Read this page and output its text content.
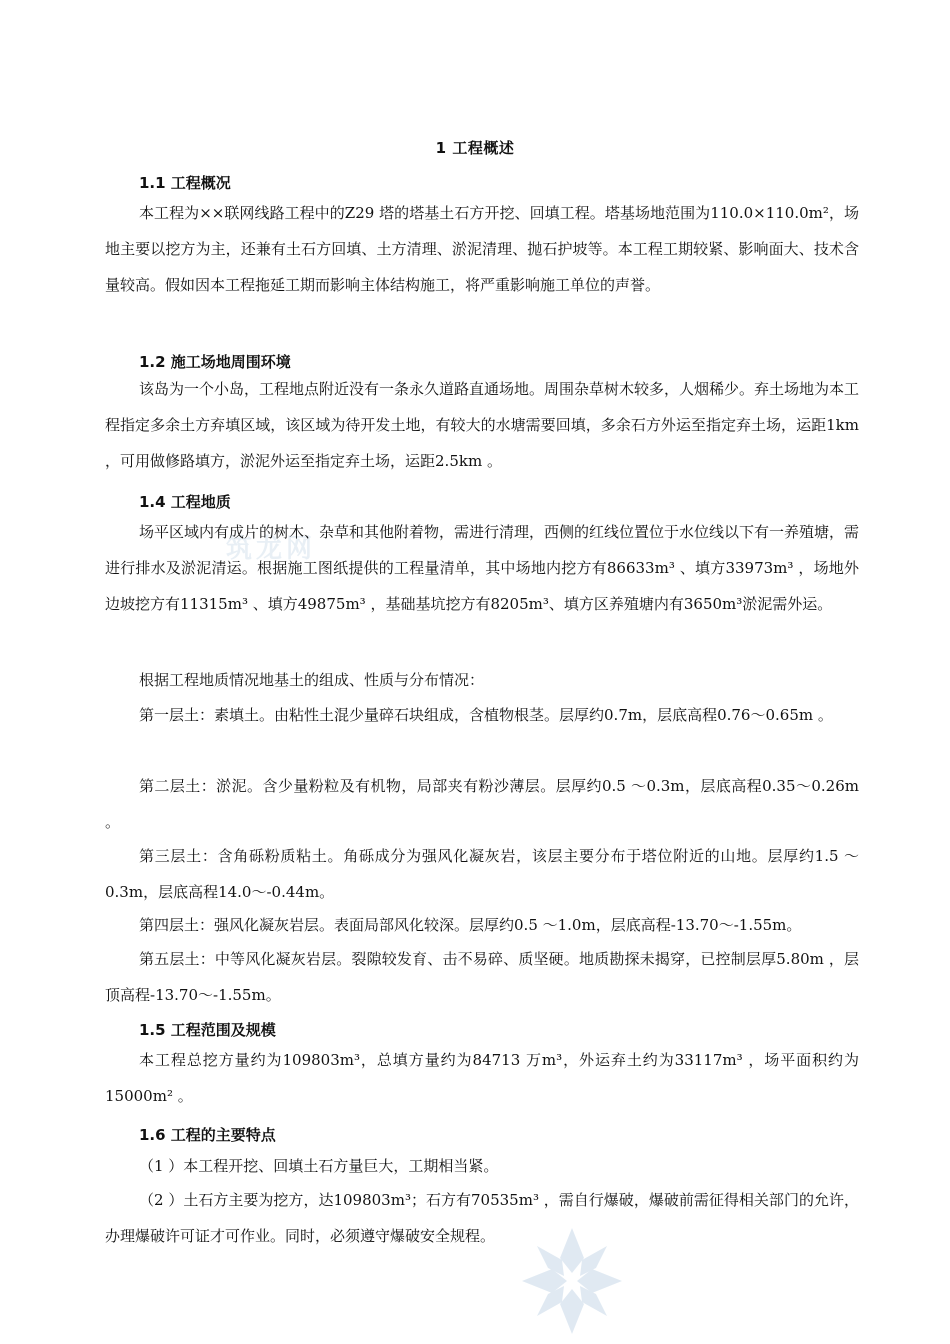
筑龙网
1 工程概述
1.1 工程概况

本工程为××联网线路工程中的Z29 塔的塔基土石方开挖、回填工程。塔基场地范围为110.0×110.0m²，场地主要以挖方为主，还兼有土石方回填、土方清理、淤泥清理、抛石护坡等。本工程工期较紧、影响面大、技术含量较高。假如因本工程拖延工期而影响主体结构施工，将严重影响施工单位的声誉。

1.2 施工场地周围环境

该岛为一个小岛，工程地点附近没有一条永久道路直通场地。周围杂草树木较多，人烟稀少。弃土场地为本工程指定多余土方弃填区域，该区域为待开发土地，有较大的水塘需要回填，多余石方外运至指定弃土场，运距1km ，可用做修路填方，淤泥外运至指定弃土场，运距2.5km 。

1.4 工程地质

场平区域内有成片的树木、杂草和其他附着物，需进行清理，西侧的红线位置位于水位线以下有一养殖塘，需进行排水及淤泥清运。根据施工图纸提供的工程量清单，其中场地内挖方有86633m³ 、填方33973m³ ，场地外边坡挖方有11315m³ 、填方49875m³ ，基础基坑挖方有8205m³、填方区养殖塘内有3650m³淤泥需外运。

根据工程地质情况地基土的组成、性质与分布情况：

第一层土：素填土。由粘性土混少量碎石块组成，含植物根茎。层厚约0.7m，层底高程0.76～0.65m 。

第二层土：淤泥。含少量粉粒及有机物，局部夹有粉沙薄层。层厚约0.5 ～0.3m，层底高程0.35～0.26m 。

第三层土：含角砾粉质粘土。角砾成分为强风化凝灰岩，该层主要分布于塔位附近的山地。层厚约1.5 ～0.3m，层底高程14.0～-0.44m。

第四层土：强风化凝灰岩层。表面局部风化较深。层厚约0.5 ～1.0m，层底高程-13.70～-1.55m。

第五层土：中等风化凝灰岩层。裂隙较发育、击不易碎、质坚硬。地质勘探未揭穿，已控制层厚5.80m ，层顶高程-13.70～-1.55m。

1.5 工程范围及规模

本工程总挖方量约为109803m³，总填方量约为84713 万m³，外运弃土约为33117m³ ，场平面积约为15000m² 。

1.6 工程的主要特点

（1 ）本工程开挖、回填土石方量巨大，工期相当紧。

（2 ）土石方主要为挖方，达109803m³；石方有70535m³ ，需自行爆破，爆破前需征得相关部门的允许，办理爆破许可证才可作业。同时，必须遵守爆破安全规程。
